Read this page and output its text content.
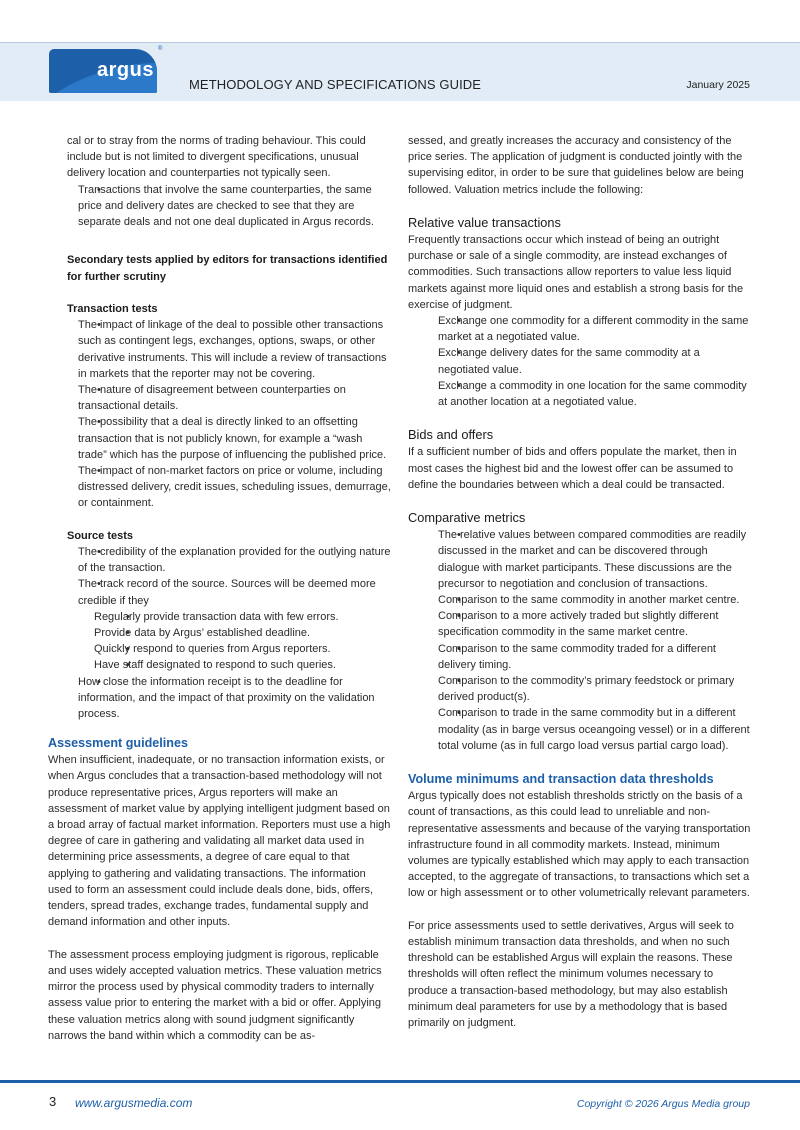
argus
®
METHODOLOGY AND SPECIFICATIONS GUIDE	January 2025

cal or to stray from the norms of trading behaviour. This could include but is not limited to divergent specifications, unusual delivery location and counterparties not typically seen.

• Transactions that involve the same counterparties, the same price and delivery dates are checked to see that they are separate deals and not one deal duplicated in Argus records.

Secondary tests applied by editors for transactions identified for further scrutiny

Transaction tests

• The impact of linkage of the deal to possible other transactions such as contingent legs, exchanges, options, swaps, or other derivative instruments. This will include a review of transactions in markets that the reporter may not be covering.
• The nature of disagreement between counterparties on transactional details.
• The possibility that a deal is directly linked to an offsetting transaction that is not publicly known, for example a “wash trade” which has the purpose of influencing the published price.
• The impact of non-market factors on price or volume, including distressed delivery, credit issues, scheduling issues, demurrage, or containment.

Source tests

• The credibility of the explanation provided for the outlying nature of the transaction.
• The track record of the source. Sources will be deemed more credible if they
• Regularly provide transaction data with few errors.
• Provide data by Argus’ established deadline.
• Quickly respond to queries from Argus reporters.
• Have staff designated to respond to such queries.
• How close the information receipt is to the deadline for information, and the impact of that proximity on the validation process.

Assessment guidelines

When insufficient, inadequate, or no transaction information exists, or when Argus concludes that a transaction-based methodology will not produce representative prices, Argus reporters will make an assessment of market value by applying intelligent judgment based on a broad array of factual market information. Reporters must use a high degree of care in gathering and validating all market data used in determining price assessments, a degree of care equal to that applying to gathering and validating transactions. The information used to form an assessment could include deals done, bids, offers, tenders, spread trades, exchange trades, fundamental supply and demand information and other inputs.

The assessment process employing judgment is rigorous, replicable and uses widely accepted valuation metrics. These valuation metrics mirror the process used by physical commodity traders to internally assess value prior to entering the market with a bid or offer. Applying these valuation metrics along with sound judgment significantly narrows the band within which a commodity can be as-

sessed, and greatly increases the accuracy and consistency of the price series. The application of judgment is conducted jointly with the supervising editor, in order to be sure that guidelines below are being followed. Valuation metrics include the following:

Relative value transactions

Frequently transactions occur which instead of being an outright purchase or sale of a single commodity, are instead exchanges of commodities. Such transactions allow reporters to value less liquid markets against more liquid ones and establish a strong basis for the exercise of judgment.

• Exchange one commodity for a different commodity in the same market at a negotiated value.
• Exchange delivery dates for the same commodity at a negotiated value.
• Exchange a commodity in one location for the same commodity at another location at a negotiated value.

Bids and offers

If a sufficient number of bids and offers populate the market, then in most cases the highest bid and the lowest offer can be assumed to define the boundaries between which a deal could be transacted.

Comparative metrics

• The relative values between compared commodities are readily discussed in the market and can be discovered through dialogue with market participants. These discussions are the precursor to negotiation and conclusion of transactions.
• Comparison to the same commodity in another market centre.
• Comparison to a more actively traded but slightly different specification commodity in the same market centre.
• Comparison to the same commodity traded for a different delivery timing.
• Comparison to the commodity’s primary feedstock or primary derived product(s).
• Comparison to trade in the same commodity but in a different modality (as in barge versus oceangoing vessel) or in a different total volume (as in full cargo load versus partial cargo load).

Volume minimums and transaction data thresholds

Argus typically does not establish thresholds strictly on the basis of a count of transactions, as this could lead to unreliable and non-representative assessments and because of the varying transportation infrastructure found in all commodity markets. Instead, minimum volumes are typically established which may apply to each transaction accepted, to the aggregate of transactions, to transactions which set a low or high assessment or to other volumetrically relevant parameters.

For price assessments used to settle derivatives, Argus will seek to establish minimum transaction data thresholds, and when no such threshold can be established Argus will explain the reasons. These thresholds will often reflect the minimum volumes necessary to produce a transaction-based methodology, but may also establish minimum deal parameters for use by a methodology that is based primarily on judgment.

3 www.argusmedia.com	Copyright © 2026 Argus Media group
